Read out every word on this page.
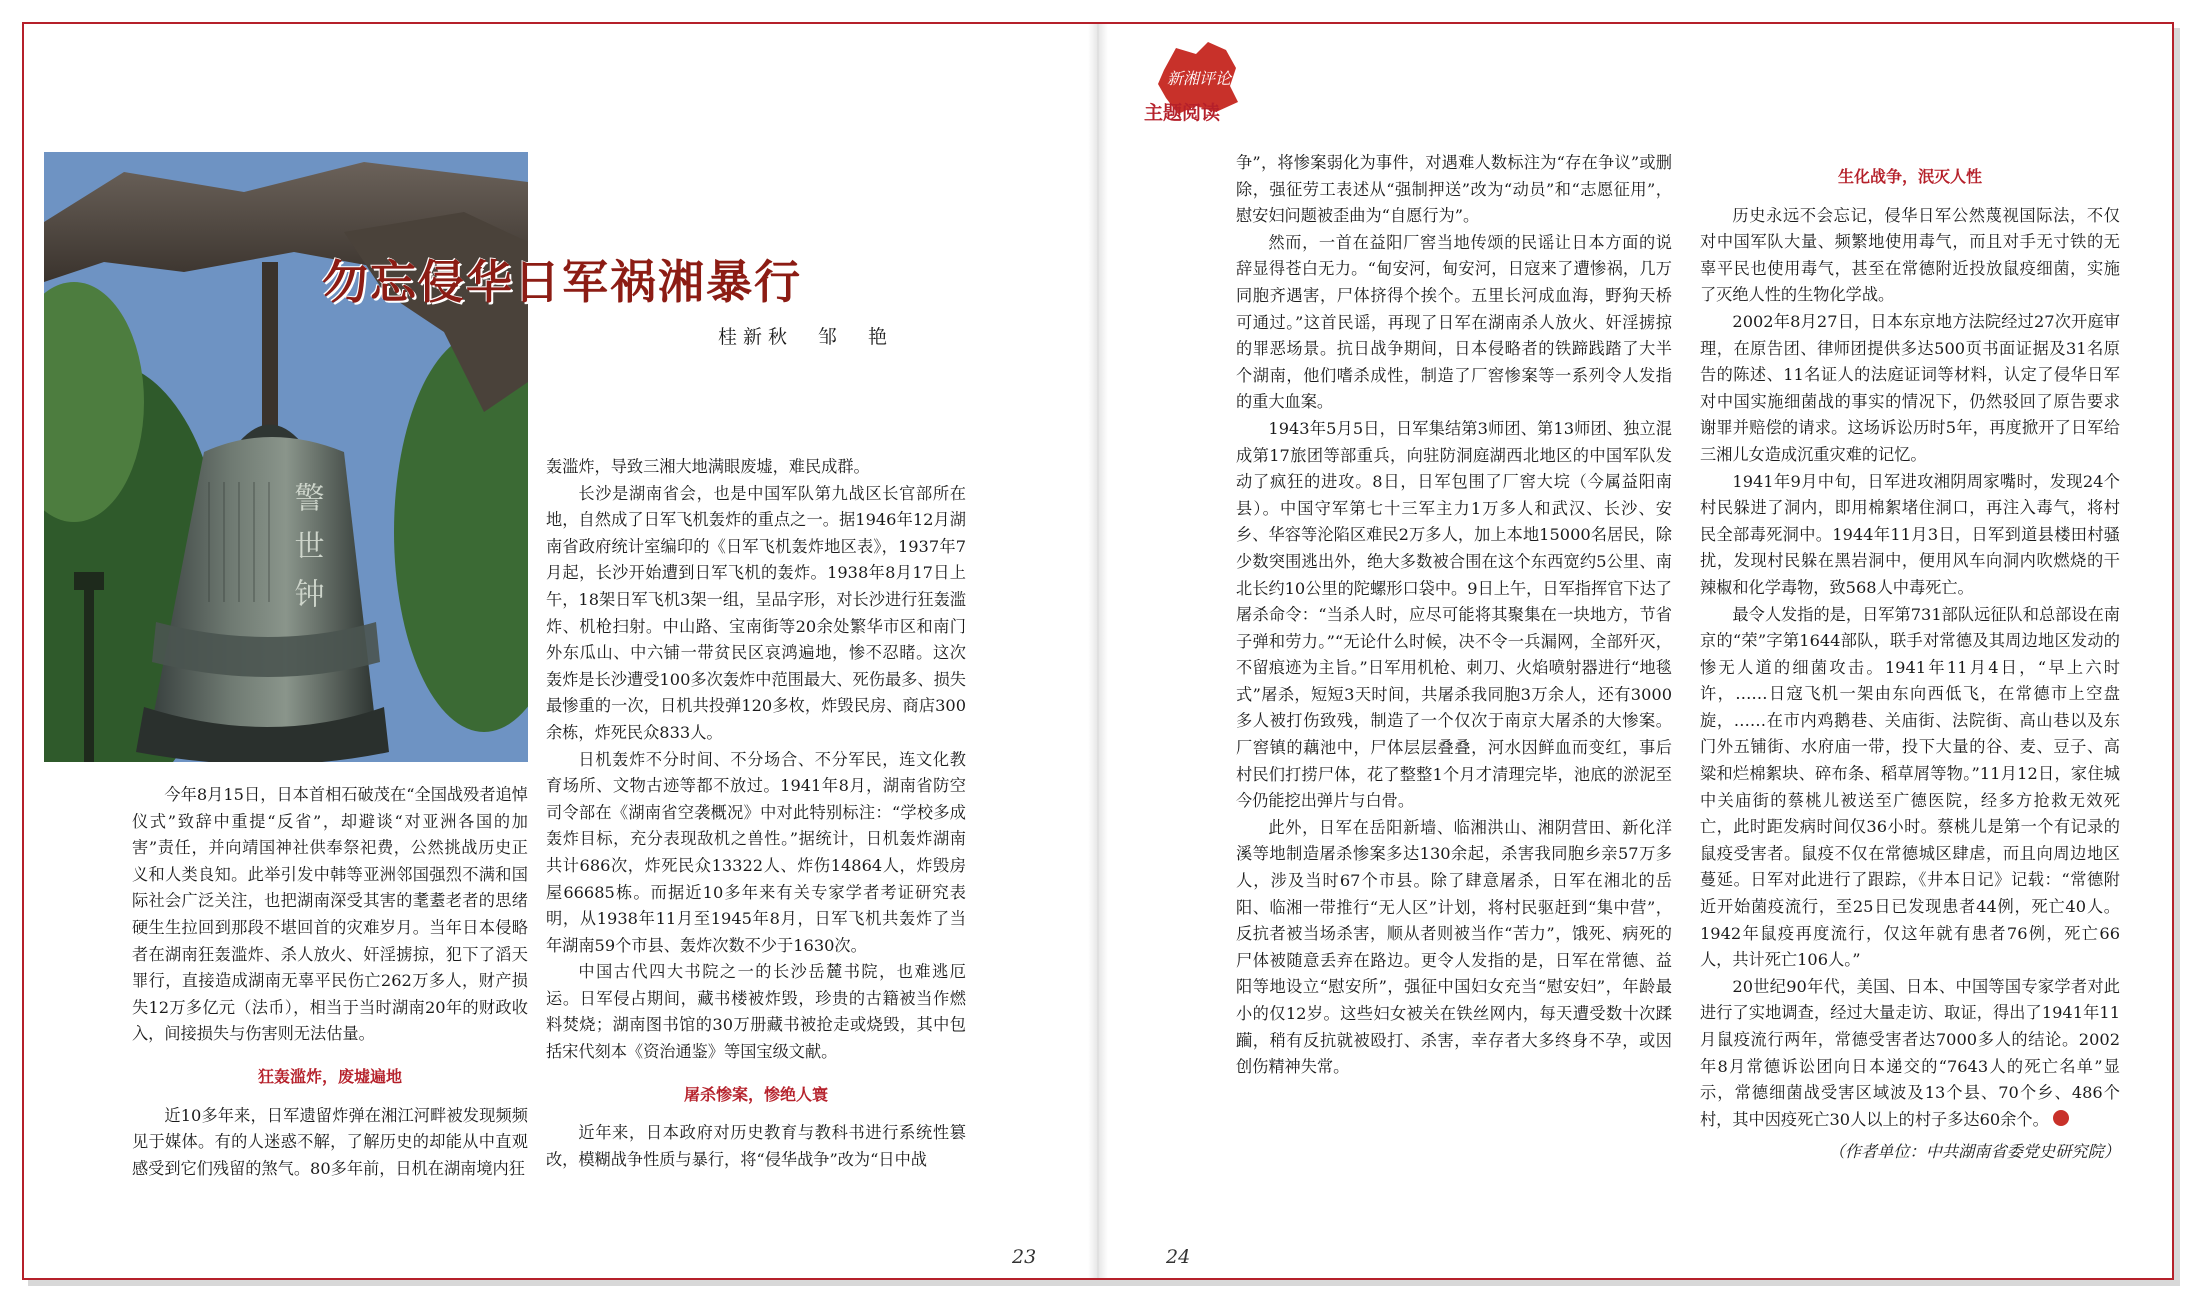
警世钟
勿忘侵华日军祸湘暴行
桂新秋　邹　艳

今年8月15日，日本首相石破茂在“全国战殁者追悼仪式”致辞中重提“反省”，却避谈“对亚洲各国的加害”责任，并向靖国神社供奉祭祀费，公然挑战历史正义和人类良知。此举引发中韩等亚洲邻国强烈不满和国际社会广泛关注，也把湖南深受其害的耄耋老者的思绪硬生生拉回到那段不堪回首的灾难岁月。当年日本侵略者在湖南狂轰滥炸、杀人放火、奸淫掳掠，犯下了滔天罪行，直接造成湖南无辜平民伤亡262万多人，财产损失12万多亿元（法币），相当于当时湖南20年的财政收入，间接损失与伤害则无法估量。

狂轰滥炸，废墟遍地

近10多年来，日军遗留炸弹在湘江河畔被发现频频见于媒体。有的人迷惑不解，了解历史的却能从中直观感受到它们残留的煞气。80多年前，日机在湖南境内狂

轰滥炸，导致三湘大地满眼废墟，难民成群。

长沙是湖南省会，也是中国军队第九战区长官部所在地，自然成了日军飞机轰炸的重点之一。据1946年12月湖南省政府统计室编印的《日军飞机轰炸地区表》，1937年7月起，长沙开始遭到日军飞机的轰炸。1938年8月17日上午，18架日军飞机3架一组，呈品字形，对长沙进行狂轰滥炸、机枪扫射。中山路、宝南街等20余处繁华市区和南门外东瓜山、中六铺一带贫民区哀鸿遍地，惨不忍睹。这次轰炸是长沙遭受100多次轰炸中范围最大、死伤最多、损失最惨重的一次，日机共投弹120多枚，炸毁民房、商店300余栋，炸死民众833人。

日机轰炸不分时间、不分场合、不分军民，连文化教育场所、文物古迹等都不放过。1941年8月，湖南省防空司令部在《湖南省空袭概况》中对此特别标注：“学校多成轰炸目标，充分表现敌机之兽性。”据统计，日机轰炸湖南共计686次，炸死民众13322人、炸伤14864人，炸毁房屋66685栋。而据近10多年来有关专家学者考证研究表明，从1938年11月至1945年8月，日军飞机共轰炸了当年湖南59个市县、轰炸次数不少于1630次。

中国古代四大书院之一的长沙岳麓书院，也难逃厄运。日军侵占期间，藏书楼被炸毁，珍贵的古籍被当作燃料焚烧；湖南图书馆的30万册藏书被抢走或烧毁，其中包括宋代刻本《资治通鉴》等国宝级文献。

屠杀惨案，惨绝人寰

近年来，日本政府对历史教育与教科书进行系统性篡改，模糊战争性质与暴行，将“侵华战争”改为“日中战

23
新湘评论
主题阅读

争”，将惨案弱化为事件，对遇难人数标注为“存在争议”或删除，强征劳工表述从“强制押送”改为“动员”和“志愿征用”，慰安妇问题被歪曲为“自愿行为”。

然而，一首在益阳厂窖当地传颂的民谣让日本方面的说辞显得苍白无力。“甸安河，甸安河，日寇来了遭惨祸，几万同胞齐遇害，尸体挤得个挨个。五里长河成血海，野狗天桥可通过。”这首民谣，再现了日军在湖南杀人放火、奸淫掳掠的罪恶场景。抗日战争期间，日本侵略者的铁蹄践踏了大半个湖南，他们嗜杀成性，制造了厂窖惨案等一系列令人发指的重大血案。

1943年5月5日，日军集结第3师团、第13师团、独立混成第17旅团等部重兵，向驻防洞庭湖西北地区的中国军队发动了疯狂的进攻。8日，日军包围了厂窖大垸（今属益阳南县）。中国守军第七十三军主力1万多人和武汉、长沙、安乡、华容等沦陷区难民2万多人，加上本地15000名居民，除少数突围逃出外，绝大多数被合围在这个东西宽约5公里、南北长约10公里的陀螺形口袋中。9日上午，日军指挥官下达了屠杀命令：“当杀人时，应尽可能将其聚集在一块地方，节省子弹和劳力。”“无论什么时候，决不令一兵漏网，全部歼灭，不留痕迹为主旨。”日军用机枪、刺刀、火焰喷射器进行“地毯式”屠杀，短短3天时间，共屠杀我同胞3万余人，还有3000多人被打伤致残，制造了一个仅次于南京大屠杀的大惨案。厂窖镇的藕池中，尸体层层叠叠，河水因鲜血而变红，事后村民们打捞尸体，花了整整1个月才清理完毕，池底的淤泥至今仍能挖出弹片与白骨。

此外，日军在岳阳新墙、临湘洪山、湘阴营田、新化洋溪等地制造屠杀惨案多达130余起，杀害我同胞乡亲57万多人，涉及当时67个市县。除了肆意屠杀，日军在湘北的岳阳、临湘一带推行“无人区”计划，将村民驱赶到“集中营”，反抗者被当场杀害，顺从者则被当作“苦力”，饿死、病死的尸体被随意丢弃在路边。更令人发指的是，日军在常德、益阳等地设立“慰安所”，强征中国妇女充当“慰安妇”，年龄最小的仅12岁。这些妇女被关在铁丝网内，每天遭受数十次蹂躏，稍有反抗就被殴打、杀害，幸存者大多终身不孕，或因创伤精神失常。

生化战争，泯灭人性

历史永远不会忘记，侵华日军公然蔑视国际法，不仅对中国军队大量、频繁地使用毒气，而且对手无寸铁的无辜平民也使用毒气，甚至在常德附近投放鼠疫细菌，实施了灭绝人性的生物化学战。

2002年8月27日，日本东京地方法院经过27次开庭审理，在原告团、律师团提供多达500页书面证据及31名原告的陈述、11名证人的法庭证词等材料，认定了侵华日军对中国实施细菌战的事实的情况下，仍然驳回了原告要求谢罪并赔偿的请求。这场诉讼历时5年，再度掀开了日军给三湘儿女造成沉重灾难的记忆。

1941年9月中旬，日军进攻湘阴周家嘴时，发现24个村民躲进了洞内，即用棉絮堵住洞口，再注入毒气，将村民全部毒死洞中。1944年11月3日，日军到道县楼田村骚扰，发现村民躲在黑岩洞中，便用风车向洞内吹燃烧的干辣椒和化学毒物，致568人中毒死亡。

最令人发指的是，日军第731部队远征队和总部设在南京的“荣”字第1644部队，联手对常德及其周边地区发动的惨无人道的细菌攻击。1941年11月4日，“早上六时许，……日寇飞机一架由东向西低飞，在常德市上空盘旋，……在市内鸡鹅巷、关庙街、法院街、高山巷以及东门外五铺街、水府庙一带，投下大量的谷、麦、豆子、高粱和烂棉絮块、碎布条、稻草屑等物。”11月12日，家住城中关庙街的蔡桃儿被送至广德医院，经多方抢救无效死亡，此时距发病时间仅36小时。蔡桃儿是第一个有记录的鼠疫受害者。鼠疫不仅在常德城区肆虐，而且向周边地区蔓延。日军对此进行了跟踪，《井本日记》记载：“常德附近开始菌疫流行，至25日已发现患者44例，死亡40人。1942年鼠疫再度流行，仅这年就有患者76例，死亡66人，共计死亡106人。”

20世纪90年代，美国、日本、中国等国专家学者对此进行了实地调查，经过大量走访、取证，得出了1941年11月鼠疫流行两年，常德受害者达7000多人的结论。2002年8月常德诉讼团向日本递交的“7643人的死亡名单”显示，常德细菌战受害区域波及13个县、70个乡、486个村，其中因疫死亡30人以上的村子多达60余个。

（作者单位：中共湖南省委党史研究院）

24
